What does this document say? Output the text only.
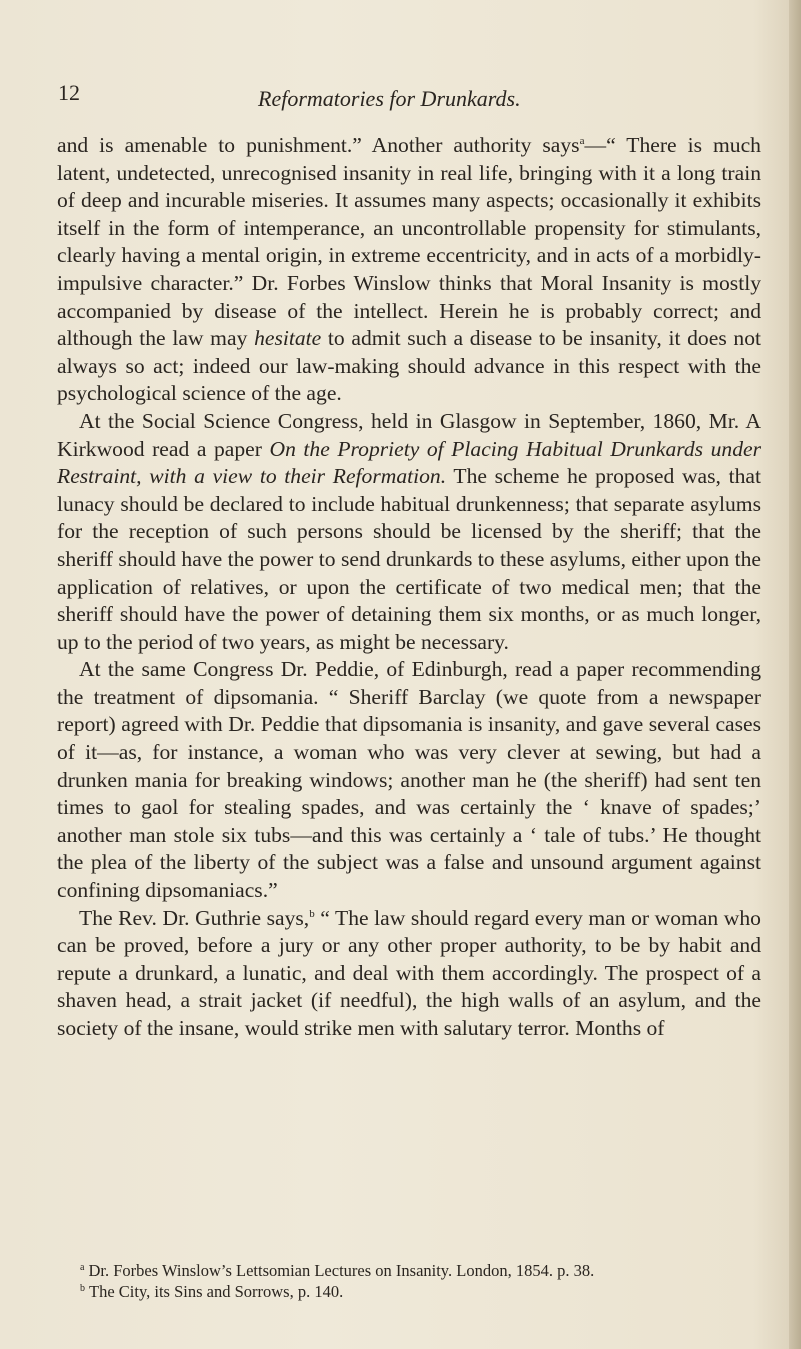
12	Reformatories for Drunkards.

and is amenable to punishment.” Another authority says$^a$—“ There is much latent, undetected, unrecognised insanity in real life, bringing with it a long train of deep and incurable miseries. It assumes many aspects; occasionally it exhibits itself in the form of intemperance, an uncontrollable propensity for stimulants, clearly having a mental origin, in extreme eccentricity, and in acts of a morbidly-impulsive character.” Dr. Forbes Winslow thinks that Moral Insanity is mostly accompanied by disease of the intellect. Herein he is probably correct; and although the law may hesitate to admit such a disease to be insanity, it does not always so act; indeed our law-making should advance in this respect with the psychological science of the age.

At the Social Science Congress, held in Glasgow in September, 1860, Mr. A Kirkwood read a paper On the Propriety of Placing Habitual Drunkards under Restraint, with a view to their Reformation. The scheme he proposed was, that lunacy should be declared to include habitual drunkenness; that separate asylums for the reception of such persons should be licensed by the sheriff; that the sheriff should have the power to send drunkards to these asylums, either upon the application of relatives, or upon the certificate of two medical men; that the sheriff should have the power of detaining them six months, or as much longer, up to the period of two years, as might be necessary.

At the same Congress Dr. Peddie, of Edinburgh, read a paper recommending the treatment of dipsomania. “ Sheriff Barclay (we quote from a newspaper report) agreed with Dr. Peddie that dipsomania is insanity, and gave several cases of it—as, for instance, a woman who was very clever at sewing, but had a drunken mania for breaking windows; another man he (the sheriff) had sent ten times to gaol for stealing spades, and was certainly the ‘ knave of spades;’ another man stole six tubs—and this was certainly a ‘ tale of tubs.’ He thought the plea of the liberty of the subject was a false and unsound argument against confining dipsomaniacs.”

The Rev. Dr. Guthrie says,$^b$ “ The law should regard every man or woman who can be proved, before a jury or any other proper authority, to be by habit and repute a drunkard, a lunatic, and deal with them accordingly. The prospect of a shaven head, a strait jacket (if needful), the high walls of an asylum, and the society of the insane, would strike men with salutary terror. Months of

$^a$ Dr. Forbes Winslow’s Lettsomian Lectures on Insanity. London, 1854. p. 38.
$^b$ The City, its Sins and Sorrows, p. 140.
